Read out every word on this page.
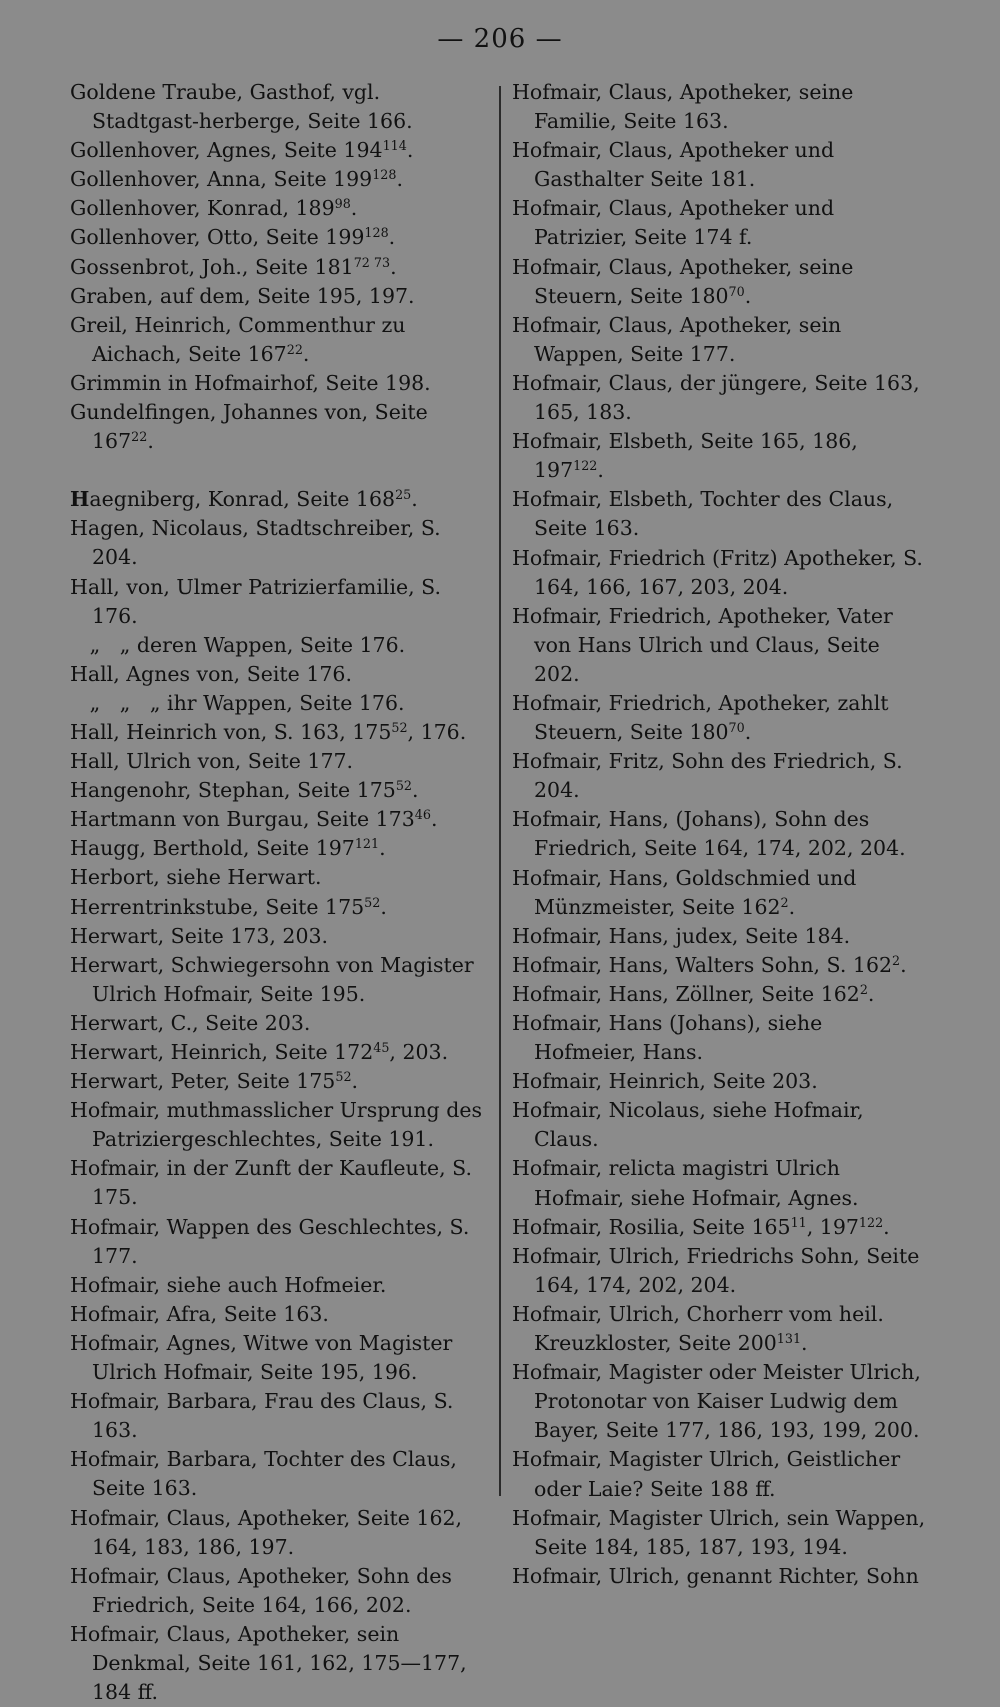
— 206 —
Goldene Traube, Gasthof, vgl. Stadtgast-herberge, Seite 166.
Gollenhover, Agnes, Seite $194^{114}$.
Gollenhover, Anna, Seite $199^{128}$.
Gollenhover, Konrad, $189^{98}$.
Gollenhover, Otto, Seite $199^{128}$.
Gossenbrot, Joh., Seite $181^{72 73}$.
Graben, auf dem, Seite 195, 197.
Greil, Heinrich, Commenthur zu Aichach, Seite $167^{22}$.
Grimmin in Hofmairhof, Seite 198.
Gundelfingen, Johannes von, Seite $167^{22}$.
Haegniberg, Konrad, Seite $168^{25}$.
Hagen, Nicolaus, Stadtschreiber, S. 204.
Hall, von, Ulmer Patrizierfamilie, S. 176.
„   „ deren Wappen, Seite 176.
Hall, Agnes von, Seite 176.
„   „   „ ihr Wappen, Seite 176.
Hall, Heinrich von, S. 163, $175^{52}$, 176.
Hall, Ulrich von, Seite 177.
Hangenohr, Stephan, Seite $175^{52}$.
Hartmann von Burgau, Seite $173^{46}$.
Haugg, Berthold, Seite $197^{121}$.
Herbort, siehe Herwart.
Herrentrinkstube, Seite $175^{52}$.
Herwart, Seite 173, 203.
Herwart, Schwiegersohn von Magister Ulrich Hofmair, Seite 195.
Herwart, C., Seite 203.
Herwart, Heinrich, Seite $172^{45}$, 203.
Herwart, Peter, Seite $175^{52}$.
Hofmair, muthmasslicher Ursprung des Patriziergeschlechtes, Seite 191.
Hofmair, in der Zunft der Kaufleute, S. 175.
Hofmair, Wappen des Geschlechtes, S. 177.
Hofmair, siehe auch Hofmeier.
Hofmair, Afra, Seite 163.
Hofmair, Agnes, Witwe von Magister Ulrich Hofmair, Seite 195, 196.
Hofmair, Barbara, Frau des Claus, S. 163.
Hofmair, Barbara, Tochter des Claus, Seite 163.
Hofmair, Claus, Apotheker, Seite 162, 164, 183, 186, 197.
Hofmair, Claus, Apotheker, Sohn des Friedrich, Seite 164, 166, 202.
Hofmair, Claus, Apotheker, sein Denkmal, Seite 161, 162, 175—177, 184 ff.
Hofmair, Claus, Apotheker, seine Familie, Seite 163.
Hofmair, Claus, Apotheker und Gasthalter Seite 181.
Hofmair, Claus, Apotheker und Patrizier, Seite 174 f.
Hofmair, Claus, Apotheker, seine Steuern, Seite $180^{70}$.
Hofmair, Claus, Apotheker, sein Wappen, Seite 177.
Hofmair, Claus, der jüngere, Seite 163, 165, 183.
Hofmair, Elsbeth, Seite 165, 186, $197^{122}$.
Hofmair, Elsbeth, Tochter des Claus, Seite 163.
Hofmair, Friedrich (Fritz) Apotheker, S. 164, 166, 167, 203, 204.
Hofmair, Friedrich, Apotheker, Vater von Hans Ulrich und Claus, Seite 202.
Hofmair, Friedrich, Apotheker, zahlt Steuern, Seite $180^{70}$.
Hofmair, Fritz, Sohn des Friedrich, S. 204.
Hofmair, Hans, (Johans), Sohn des Friedrich, Seite 164, 174, 202, 204.
Hofmair, Hans, Goldschmied und Münzmeister, Seite $162^2$.
Hofmair, Hans, judex, Seite 184.
Hofmair, Hans, Walters Sohn, S. $162^2$.
Hofmair, Hans, Zöllner, Seite $162^2$.
Hofmair, Hans (Johans), siehe Hofmeier, Hans.
Hofmair, Heinrich, Seite 203.
Hofmair, Nicolaus, siehe Hofmair, Claus.
Hofmair, relicta magistri Ulrich Hofmair, siehe Hofmair, Agnes.
Hofmair, Rosilia, Seite $165^{11}$, $197^{122}$.
Hofmair, Ulrich, Friedrichs Sohn, Seite 164, 174, 202, 204.
Hofmair, Ulrich, Chorherr vom heil. Kreuzkloster, Seite $200^{131}$.
Hofmair, Magister oder Meister Ulrich, Protonotar von Kaiser Ludwig dem Bayer, Seite 177, 186, 193, 199, 200.
Hofmair, Magister Ulrich, Geistlicher oder Laie? Seite 188 ff.
Hofmair, Magister Ulrich, sein Wappen, Seite 184, 185, 187, 193, 194.
Hofmair, Ulrich, genannt Richter, Sohn
